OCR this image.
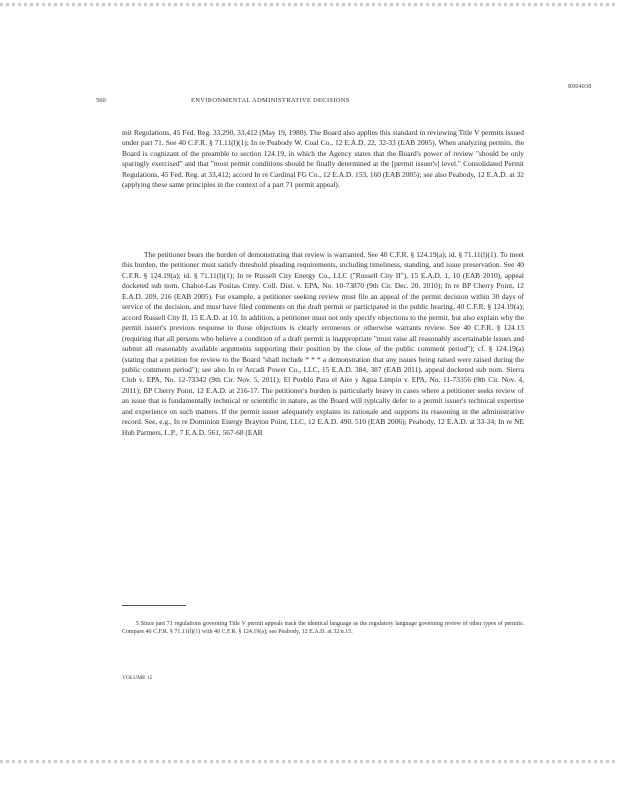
R004038
560	ENVIRONMENTAL ADMINISTRATIVE DECISIONS

mit Regulations, 45 Fed. Reg. 33,290, 33,412 (May 19, 1980). The Board also applies this standard in reviewing Title V permits issued under part 71. See 40 C.F.R. § 71.11(l)(1); In re Peabody W. Coal Co., 12 E.A.D. 22, 32-33 (EAB 2005). When analyzing permits, the Board is cognizant of the preamble to section 124.19, in which the Agency states that the Board's power of review "should be only sparingly exercised" and that "most permit conditions should be finally determined at the [permit issuer's] level." Consolidated Permit Regulations, 45 Fed. Reg. at 33,412; accord In re Cardinal FG Co., 12 E.A.D. 153, 160 (EAB 2005); see also Peabody, 12 E.A.D. at 32 (applying these same principles in the context of a part 71 permit appeal).

The petitioner bears the burden of demonstrating that review is warranted. See 40 C.F.R. § 124.19(a); id. § 71.11(l)(1). To meet this burden, the petitioner must satisfy threshold pleading requirements, including timeliness, standing, and issue preservation. See 40 C.F.R. § 124.19(a); id. § 71.11(l)(1); In re Russell City Energy Co., LLC ("Russell City II"), 15 E.A.D. 1, 10 (EAB 2010), appeal docketed sub nom. Chabot-Las Positas Cmty. Coll. Dist. v. EPA, No. 10-73870 (9th Cir. Dec. 20, 2010); In re BP Cherry Point, 12 E.A.D. 209, 216 (EAB 2005). For example, a petitioner seeking review must file an appeal of the permit decision within 30 days of service of the decision, and must have filed comments on the draft permit or participated in the public hearing. 40 C.F.R. § 124.19(a); accord Russell City II, 15 E.A.D. at 10. In addition, a petitioner must not only specify objections to the permit, but also explain why the permit issuer's previous response to those objections is clearly erroneous or otherwise warrants review. See 40 C.F.R. § 124.13 (requiring that all persons who believe a condition of a draft permit is inappropriate "must raise all reasonably ascertainable issues and submit all reasonably available arguments supporting their position by the close of the public comment period"); cf. § 124.19(a) (stating that a petition for review to the Board "shall include * * * a demonstration that any issues being raised were raised during the public comment period"); see also In re Arcadi Power Co., LLC, 15 E.A.D. 384, 387 (EAB 2011), appeal docketed sub nom. Sierra Club v. EPA, No. 12-73342 (9th Cir. Nov. 5, 2011); El Pueblo Para el Aire y Agua Limpio v. EPA, No. 11-73356 (9th Cir. Nov. 4, 2011); BP Cherry Point, 12 E.A.D. at 216-17. The petitioner's burden is particularly heavy in cases where a petitioner seeks review of an issue that is fundamentally technical or scientific in nature, as the Board will typically defer to a permit issuer's technical expertise and experience on such matters. If the permit issuer adequately explains its rationale and supports its reasoning in the administrative record. See, e.g., In re Dominion Energy Brayton Point, LLC, 12 E.A.D. 490, 510 (EAB 2006); Peabody, 12 E.A.D. at 33-34; In re NE Hub Partners, L.P., 7 E.A.D. 561, 567-68 (EAB

5 Since part 71 regulations governing Title V permit appeals track the identical language as the regulatory language governing review of other types of permits. Compare 40 C.F.R. § 71.11(l)(1) with 40 C.F.R. § 124.19(a); see Peabody, 12 E.A.D. at 32 n.15.

VOLUME 15
